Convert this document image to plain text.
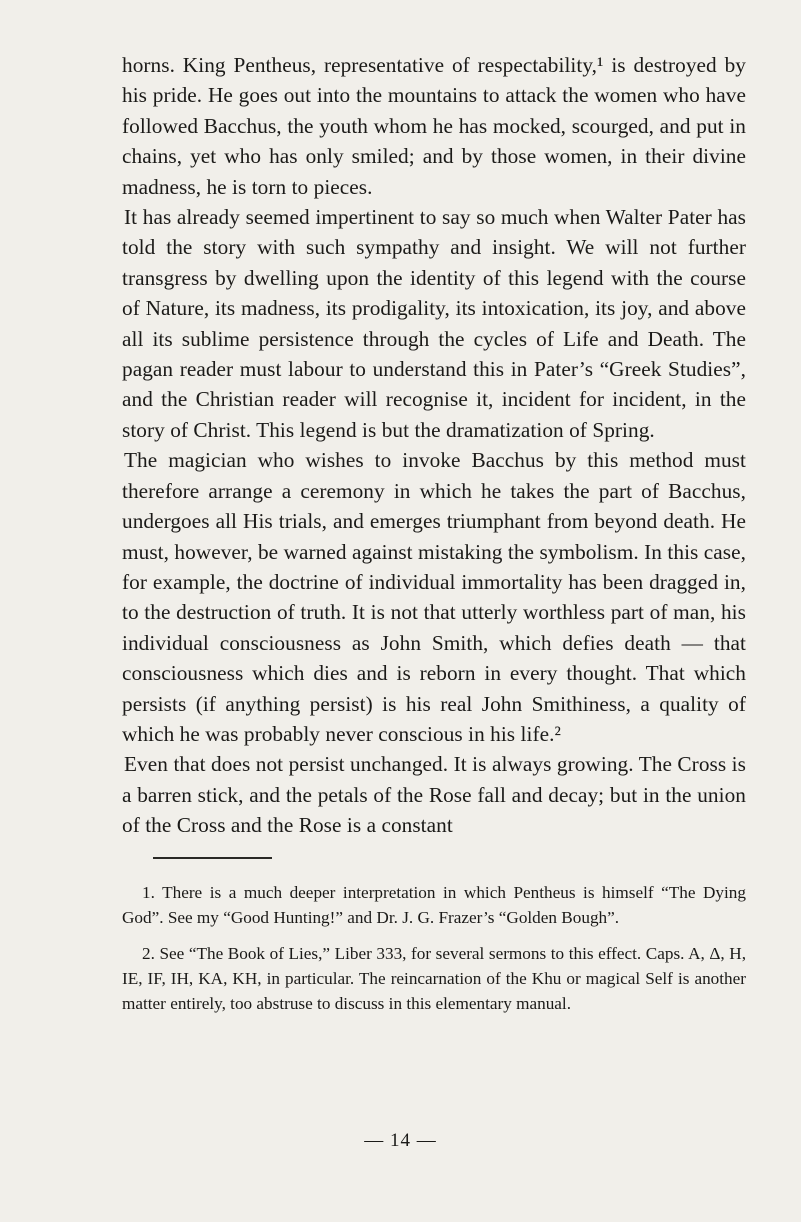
horns. King Pentheus, representative of respectability,¹ is destroyed by his pride. He goes out into the mountains to attack the women who have followed Bacchus, the youth whom he has mocked, scourged, and put in chains, yet who has only smiled; and by those women, in their divine madness, he is torn to pieces.

It has already seemed impertinent to say so much when Walter Pater has told the story with such sympathy and insight. We will not further transgress by dwelling upon the identity of this legend with the course of Nature, its madness, its prodigality, its intoxication, its joy, and above all its sublime persistence through the cycles of Life and Death. The pagan reader must labour to understand this in Pater’s “Greek Studies”, and the Christian reader will recognise it, incident for incident, in the story of Christ. This legend is but the dramatization of Spring.

The magician who wishes to invoke Bacchus by this method must therefore arrange a ceremony in which he takes the part of Bacchus, undergoes all His trials, and emerges triumphant from beyond death. He must, however, be warned against mistaking the symbolism. In this case, for example, the doctrine of individual immortality has been dragged in, to the destruction of truth. It is not that utterly worthless part of man, his individual consciousness as John Smith, which defies death — that consciousness which dies and is reborn in every thought. That which persists (if anything persist) is his real John Smithiness, a quality of which he was probably never conscious in his life.²

Even that does not persist unchanged. It is always growing. The Cross is a barren stick, and the petals of the Rose fall and decay; but in the union of the Cross and the Rose is a constant

1. There is a much deeper interpretation in which Pentheus is himself “The Dying God”. See my “Good Hunting!” and Dr. J. G. Frazer’s “Golden Bough”.

2. See “The Book of Lies,” Liber 333, for several sermons to this effect. Caps. A, Δ, H, IE, IF, IH, KA, KH, in particular. The reincarnation of the Khu or magical Self is another matter entirely, too abstruse to discuss in this elementary manual.

— 14 —
